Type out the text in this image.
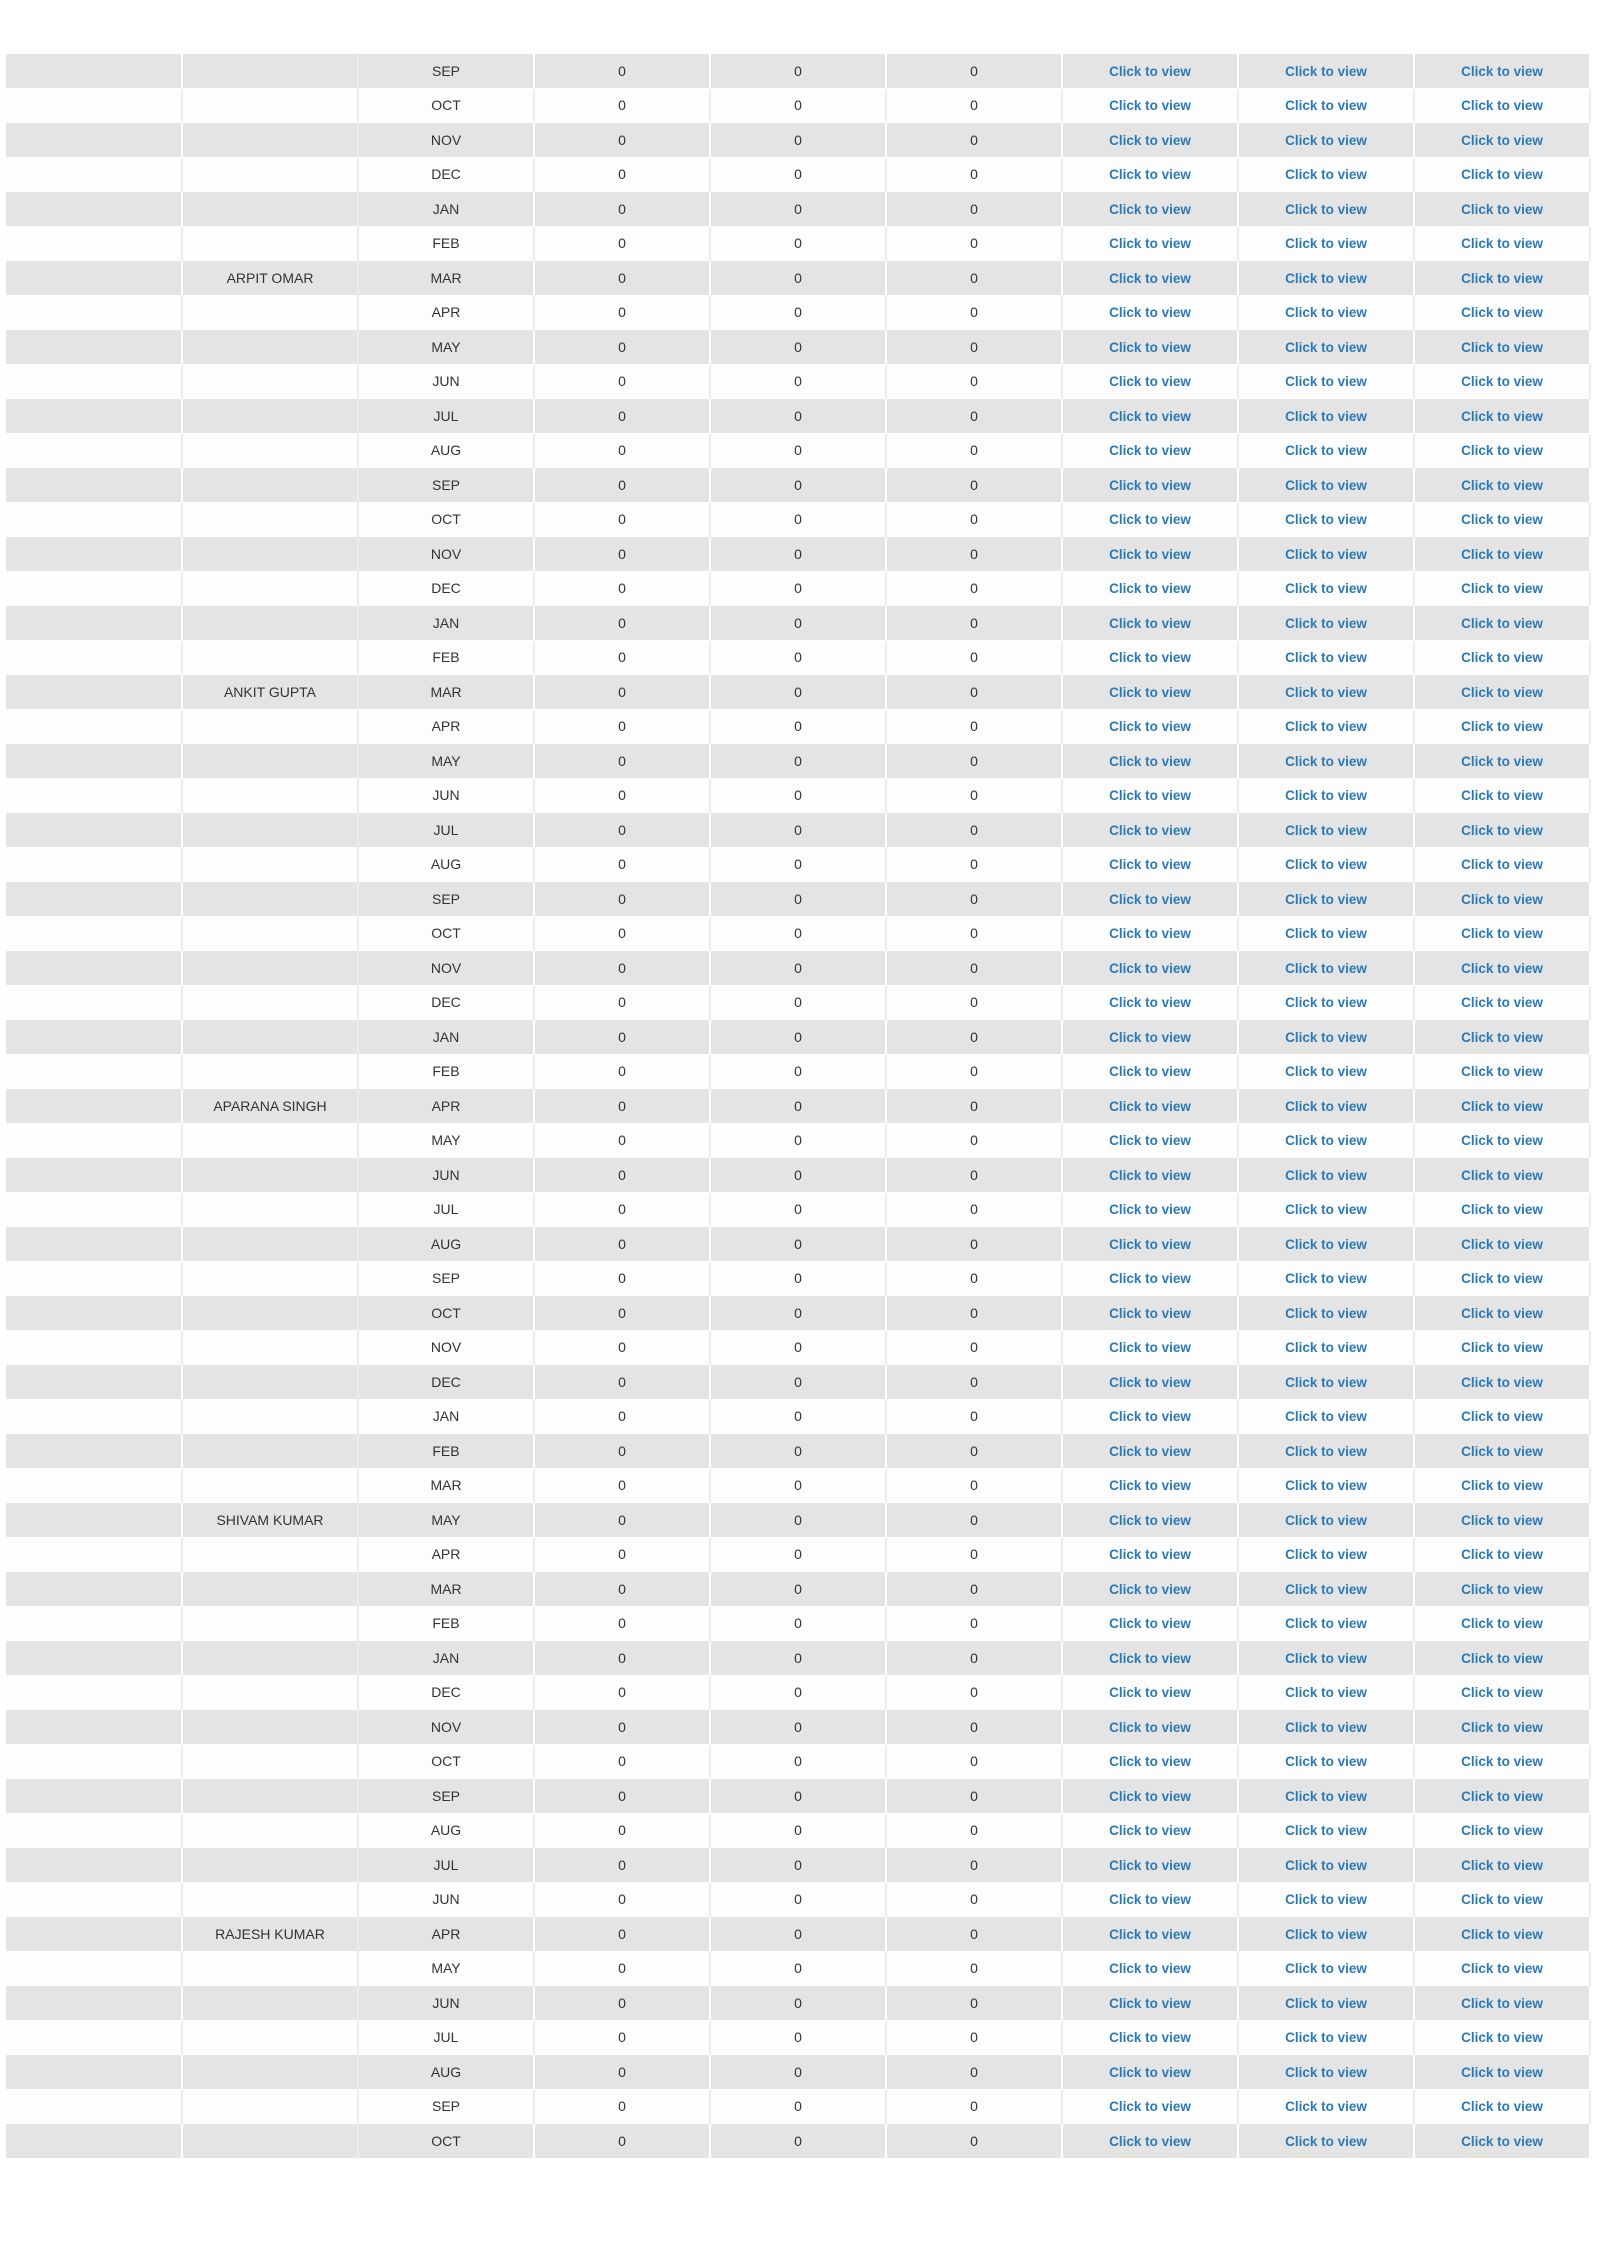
		SEP	0	0	0	Click to view	Click to view	Click to view
		OCT	0	0	0	Click to view	Click to view	Click to view
		NOV	0	0	0	Click to view	Click to view	Click to view
		DEC	0	0	0	Click to view	Click to view	Click to view
		JAN	0	0	0	Click to view	Click to view	Click to view
		FEB	0	0	0	Click to view	Click to view	Click to view
	ARPIT OMAR	MAR	0	0	0	Click to view	Click to view	Click to view
		APR	0	0	0	Click to view	Click to view	Click to view
		MAY	0	0	0	Click to view	Click to view	Click to view
		JUN	0	0	0	Click to view	Click to view	Click to view
		JUL	0	0	0	Click to view	Click to view	Click to view
		AUG	0	0	0	Click to view	Click to view	Click to view
		SEP	0	0	0	Click to view	Click to view	Click to view
		OCT	0	0	0	Click to view	Click to view	Click to view
		NOV	0	0	0	Click to view	Click to view	Click to view
		DEC	0	0	0	Click to view	Click to view	Click to view
		JAN	0	0	0	Click to view	Click to view	Click to view
		FEB	0	0	0	Click to view	Click to view	Click to view
	ANKIT GUPTA	MAR	0	0	0	Click to view	Click to view	Click to view
		APR	0	0	0	Click to view	Click to view	Click to view
		MAY	0	0	0	Click to view	Click to view	Click to view
		JUN	0	0	0	Click to view	Click to view	Click to view
		JUL	0	0	0	Click to view	Click to view	Click to view
		AUG	0	0	0	Click to view	Click to view	Click to view
		SEP	0	0	0	Click to view	Click to view	Click to view
		OCT	0	0	0	Click to view	Click to view	Click to view
		NOV	0	0	0	Click to view	Click to view	Click to view
		DEC	0	0	0	Click to view	Click to view	Click to view
		JAN	0	0	0	Click to view	Click to view	Click to view
		FEB	0	0	0	Click to view	Click to view	Click to view
	APARANA SINGH	APR	0	0	0	Click to view	Click to view	Click to view
		MAY	0	0	0	Click to view	Click to view	Click to view
		JUN	0	0	0	Click to view	Click to view	Click to view
		JUL	0	0	0	Click to view	Click to view	Click to view
		AUG	0	0	0	Click to view	Click to view	Click to view
		SEP	0	0	0	Click to view	Click to view	Click to view
		OCT	0	0	0	Click to view	Click to view	Click to view
		NOV	0	0	0	Click to view	Click to view	Click to view
		DEC	0	0	0	Click to view	Click to view	Click to view
		JAN	0	0	0	Click to view	Click to view	Click to view
		FEB	0	0	0	Click to view	Click to view	Click to view
		MAR	0	0	0	Click to view	Click to view	Click to view
	SHIVAM KUMAR	MAY	0	0	0	Click to view	Click to view	Click to view
		APR	0	0	0	Click to view	Click to view	Click to view
		MAR	0	0	0	Click to view	Click to view	Click to view
		FEB	0	0	0	Click to view	Click to view	Click to view
		JAN	0	0	0	Click to view	Click to view	Click to view
		DEC	0	0	0	Click to view	Click to view	Click to view
		NOV	0	0	0	Click to view	Click to view	Click to view
		OCT	0	0	0	Click to view	Click to view	Click to view
		SEP	0	0	0	Click to view	Click to view	Click to view
		AUG	0	0	0	Click to view	Click to view	Click to view
		JUL	0	0	0	Click to view	Click to view	Click to view
		JUN	0	0	0	Click to view	Click to view	Click to view
	RAJESH KUMAR	APR	0	0	0	Click to view	Click to view	Click to view
		MAY	0	0	0	Click to view	Click to view	Click to view
		JUN	0	0	0	Click to view	Click to view	Click to view
		JUL	0	0	0	Click to view	Click to view	Click to view
		AUG	0	0	0	Click to view	Click to view	Click to view
		SEP	0	0	0	Click to view	Click to view	Click to view
		OCT	0	0	0	Click to view	Click to view	Click to view
